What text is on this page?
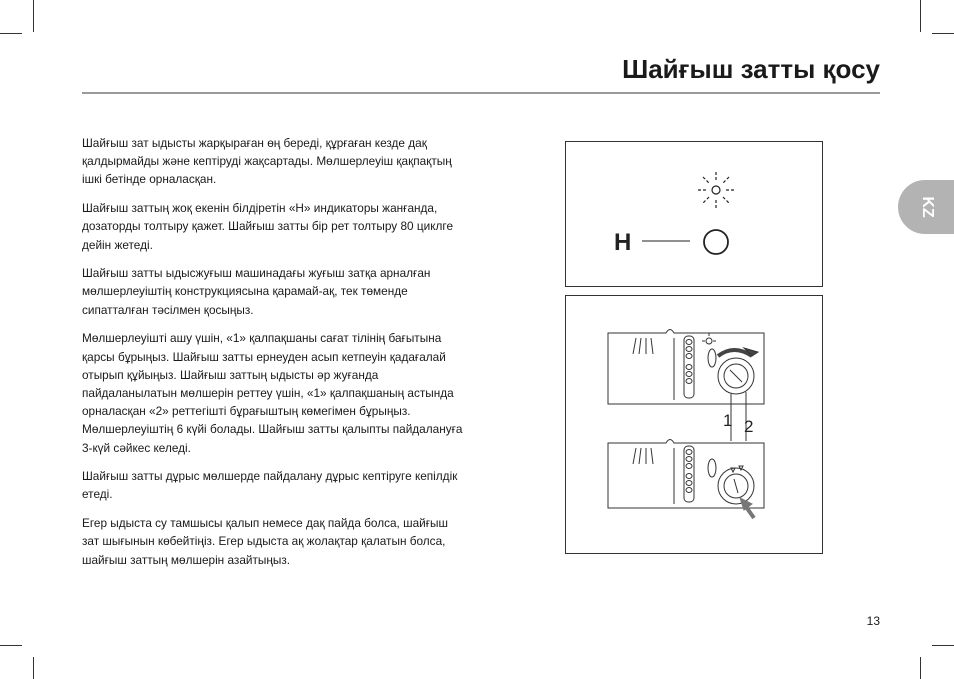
Шайғыш затты қосу

Шайғыш зат ыдысты жарқыраған өң береді, құрғаған кезде дақ қалдырмайды және кептіруді жақсартады. Мөлшерлеуіш қақпақтың ішкі бетінде орналасқан.

Шайғыш заттың жоқ екенін білдіретін «H» индикаторы жанғанда, дозаторды толтыру қажет. Шайғыш затты бір рет толтыру 80 циклге дейін жетеді.

Шайғыш затты ыдысжуғыш машинадағы жуғыш затқа арналған мөлшерлеуіштің конструкциясына қарамай-ақ, тек төменде сипатталған тәсілмен қосыңыз.

Мөлшерлеуішті ашу үшін, «1» қалпақшаны сағат тілінің бағытына қарсы бұрыңыз. Шайғыш затты ернеуден асып кетпеуін қадағалай отырып құйыңыз. Шайғыш заттың ыдысты әр жуғанда пайдаланылатын мөлшерін реттеу үшін, «1» қалпақшаның астында орналасқан «2» реттегішті бұрағыштың көмегімен бұрыңыз. Мөлшерлеуіштің 6 күйі болады. Шайғыш затты қалыпты пайдалануға 3-күй сәйкес келеді.

Шайғыш затты дұрыс мөлшерде пайдалану дұрыс кептіруге кепілдік етеді.

Егер ыдыста су тамшысы қалып немесе дақ пайда болса, шайғыш зат шығынын көбейтіңіз. Егер ыдыста ақ жолақтар қалатын болса, шайғыш заттың мөлшерін азайтыңыз.

H
1 2
KZ
13
